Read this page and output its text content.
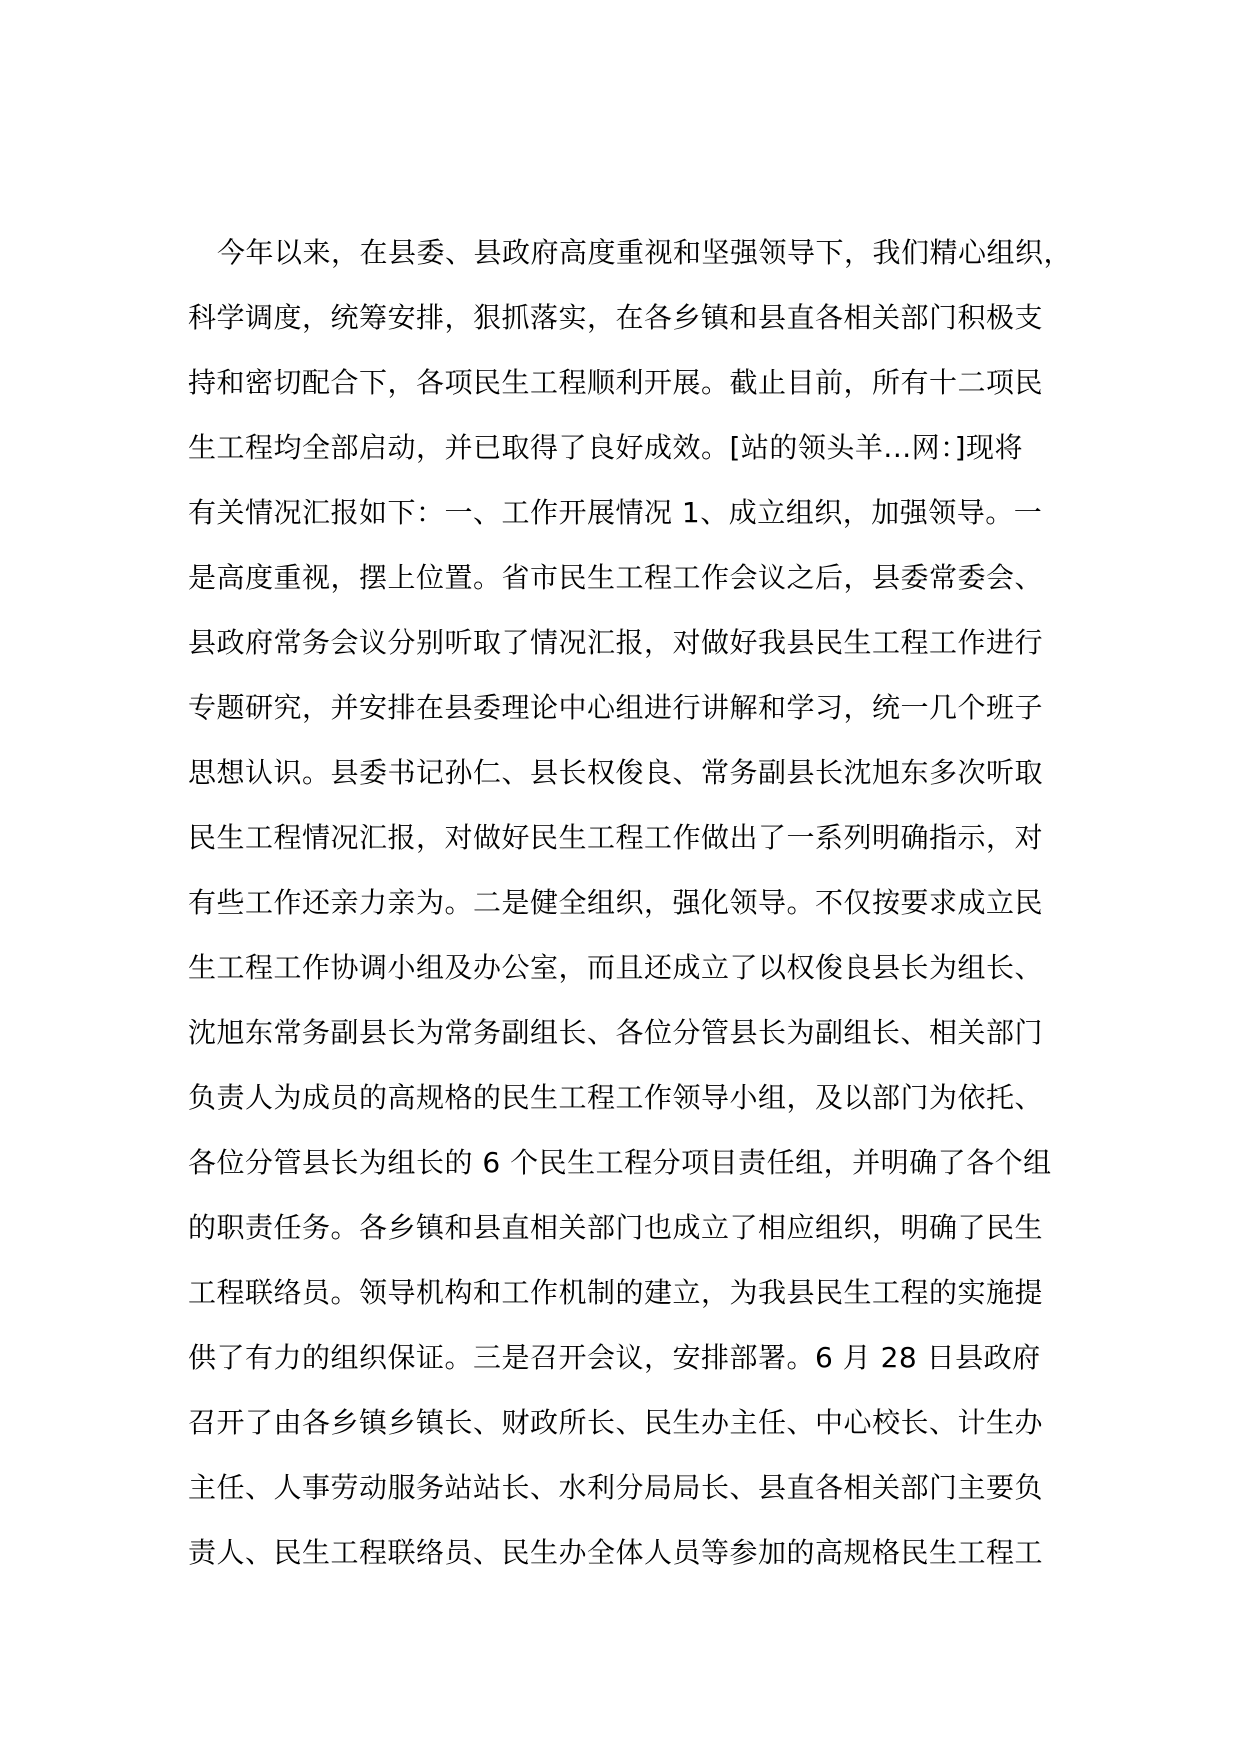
今年以来，在县委、县政府高度重视和坚强领导下，我们精心组织，
科学调度，统筹安排，狠抓落实，在各乡镇和县直各相关部门积极支
持和密切配合下，各项民生工程顺利开展。截止目前，所有十二项民
生工程均全部启动，并已取得了良好成效。[站的领头羊...网：]现将
有关情况汇报如下：一、工作开展情况 1、成立组织，加强领导。一
是高度重视，摆上位置。省市民生工程工作会议之后，县委常委会、
县政府常务会议分别听取了情况汇报，对做好我县民生工程工作进行
专题研究，并安排在县委理论中心组进行讲解和学习，统一几个班子
思想认识。县委书记孙仁、县长权俊良、常务副县长沈旭东多次听取
民生工程情况汇报，对做好民生工程工作做出了一系列明确指示，对
有些工作还亲力亲为。二是健全组织，强化领导。不仅按要求成立民
生工程工作协调小组及办公室，而且还成立了以权俊良县长为组长、
沈旭东常务副县长为常务副组长、各位分管县长为副组长、相关部门
负责人为成员的高规格的民生工程工作领导小组，及以部门为依托、
各位分管县长为组长的 6 个民生工程分项目责任组，并明确了各个组
的职责任务。各乡镇和县直相关部门也成立了相应组织，明确了民生
工程联络员。领导机构和工作机制的建立，为我县民生工程的实施提
供了有力的组织保证。三是召开会议，安排部署。6 月 28 日县政府
召开了由各乡镇乡镇长、财政所长、民生办主任、中心校长、计生办
主任、人事劳动服务站站长、水利分局局长、县直各相关部门主要负
责人、民生工程联络员、民生办全体人员等参加的高规格民生工程工
